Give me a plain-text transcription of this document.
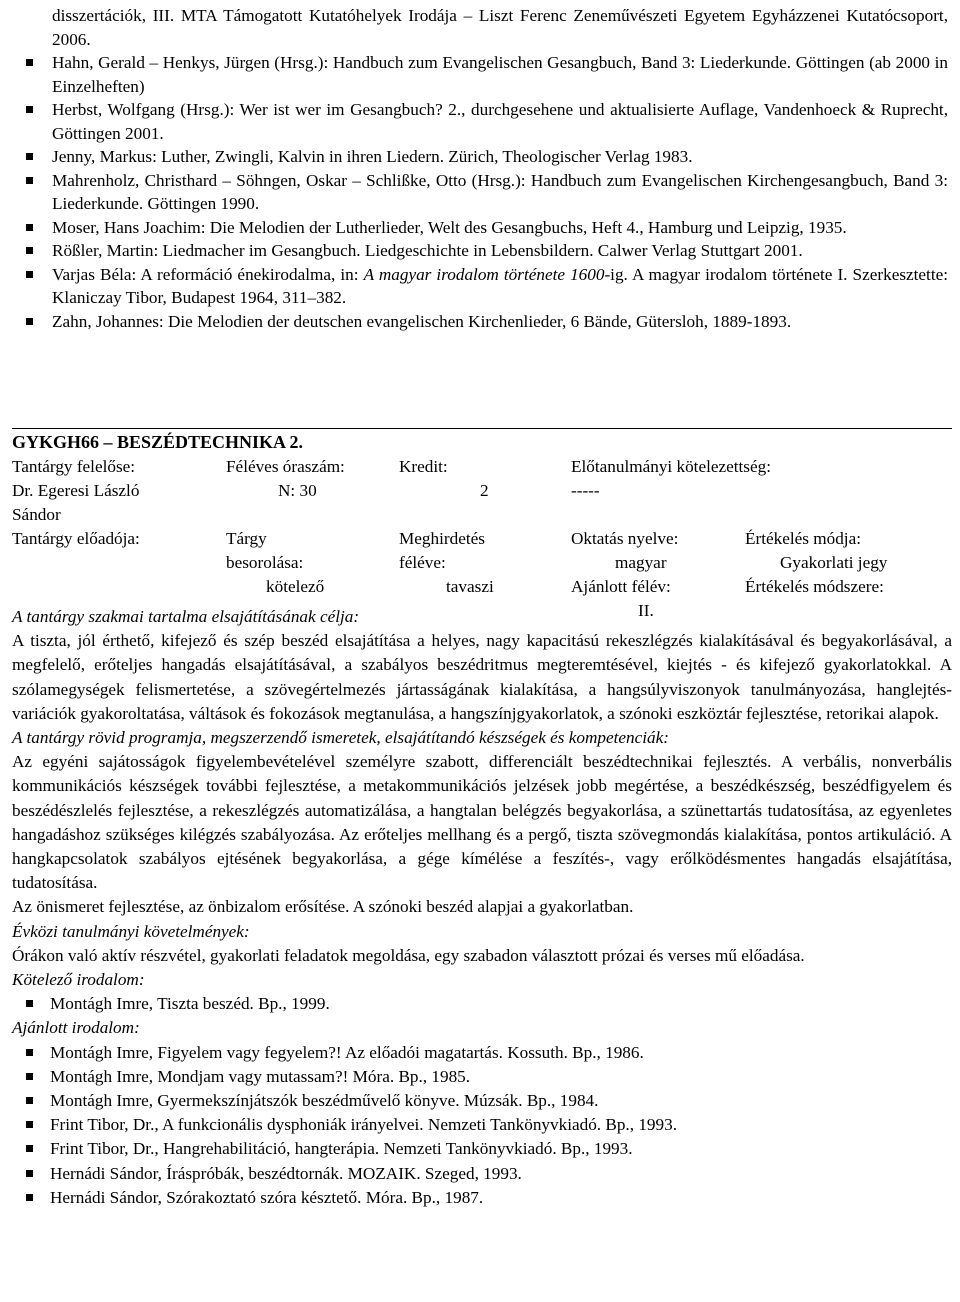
disszertációk, III. MTA Támogatott Kutatóhelyek Irodája – Liszt Ferenc Zeneművészeti Egyetem Egyházzenei Kutatócsoport, 2006.
Hahn, Gerald – Henkys, Jürgen (Hrsg.): Handbuch zum Evangelischen Gesangbuch, Band 3: Liederkunde. Göttingen (ab 2000 in Einzelheften)
Herbst, Wolfgang (Hrsg.): Wer ist wer im Gesangbuch? 2., durchgesehene und aktualisierte Auflage, Vandenhoeck & Ruprecht, Göttingen 2001.
Jenny, Markus: Luther, Zwingli, Kalvin in ihren Liedern. Zürich, Theologischer Verlag 1983.
Mahrenholz, Christhard – Söhngen, Oskar – Schlißke, Otto (Hrsg.): Handbuch zum Evangelischen Kirchengesangbuch, Band 3: Liederkunde. Göttingen 1990.
Moser, Hans Joachim: Die Melodien der Lutherlieder, Welt des Gesangbuchs, Heft 4., Hamburg und Leipzig, 1935.
Rößler, Martin: Liedmacher im Gesangbuch. Liedgeschichte in Lebensbildern. Calwer Verlag Stuttgart 2001.
Varjas Béla: A reformáció énekirodalma, in: A magyar irodalom története 1600-ig. A magyar irodalom története I. Szerkesztette: Klaniczay Tibor, Budapest 1964, 311–382.
Zahn, Johannes: Die Melodien der deutschen evangelischen Kirchenlieder, 6 Bände, Gütersloh, 1889-1893.
GYKGH66 – BESZÉDTECHNIKA 2.
Tantárgy felelőse:
Dr. Egeresi László
Sándor
Féléves óraszám:
N: 30
Kredit:
2
Előtanulmányi kötelezettség:
-----
Tantárgy előadója:	Tárgy
besorolása:
kötelező
Meghirdetés
féléve:
tavaszi
Oktatás nyelve:
magyar
Ajánlott félév:
II.
Értékelés módja:
Gyakorlati jegy
Értékelés módszere:
A tantárgy szakmai tartalma elsajátításának célja:
A tiszta, jól érthető, kifejező és szép beszéd elsajátítása a helyes, nagy kapacitású rekeszlégzés kialakításával és begyakorlásával, a megfelelő, erőteljes hangadás elsajátításával, a szabályos beszédritmus megteremtésével, kiejtés - és kifejező gyakorlatokkal. A szólamegységek felismertetése, a szövegértelmezés jártasságának kialakítása, a hangsúlyviszonyok tanulmányozása, hanglejtés-variációk gyakoroltatása, váltások és fokozások megtanulása, a hangszínjgyakorlatok, a szónoki eszköztár fejlesztése, retorikai alapok.
A tantárgy rövid programja, megszerzendő ismeretek, elsajátítandó készségek és kompetenciák:
Az egyéni sajátosságok figyelembevételével személyre szabott, differenciált beszédtechnikai fejlesztés. A verbális, nonverbális kommunikációs készségek további fejlesztése, a metakommunikációs jelzések jobb megértése, a beszédkészség, beszédfigyelem és beszédészlelés fejlesztése, a rekeszlégzés automatizálása, a hangtalan belégzés begyakorlása, a szünettartás tudatosítása, az egyenletes hangadáshoz szükséges kilégzés szabályozása. Az erőteljes mellhang és a pergő, tiszta szövegmondás kialakítása, pontos artikuláció. A hangkapcsolatok szabályos ejtésének begyakorlása, a gége kímélése a feszítés-, vagy erőlködésmentes hangadás elsajátítása, tudatosítása.
Az önismeret fejlesztése, az önbizalom erősítése. A szónoki beszéd alapjai a gyakorlatban.
Évközi tanulmányi követelmények:
Órákon való aktív részvétel, gyakorlati feladatok megoldása, egy szabadon választott prózai és verses mű előadása.
Kötelező irodalom:
Montágh Imre, Tiszta beszéd. Bp., 1999.
Ajánlott irodalom:
Montágh Imre, Figyelem vagy fegyelem?! Az előadói magatartás. Kossuth. Bp., 1986.
Montágh Imre, Mondjam vagy mutassam?! Móra. Bp., 1985.
Montágh Imre, Gyermekszínjátszók beszédművelő könyve. Múzsák. Bp., 1984.
Frint Tibor, Dr., A funkcionális dysphoniák irányelvei. Nemzeti Tankönyvkiadó. Bp., 1993.
Frint Tibor, Dr., Hangrehabilitáció, hangterápia. Nemzeti Tankönyvkiadó. Bp., 1993.
Hernádi Sándor, Íráspróbák, beszédtornák. MOZAIK. Szeged, 1993.
Hernádi Sándor, Szórakoztató szóra késztető. Móra. Bp., 1987.
